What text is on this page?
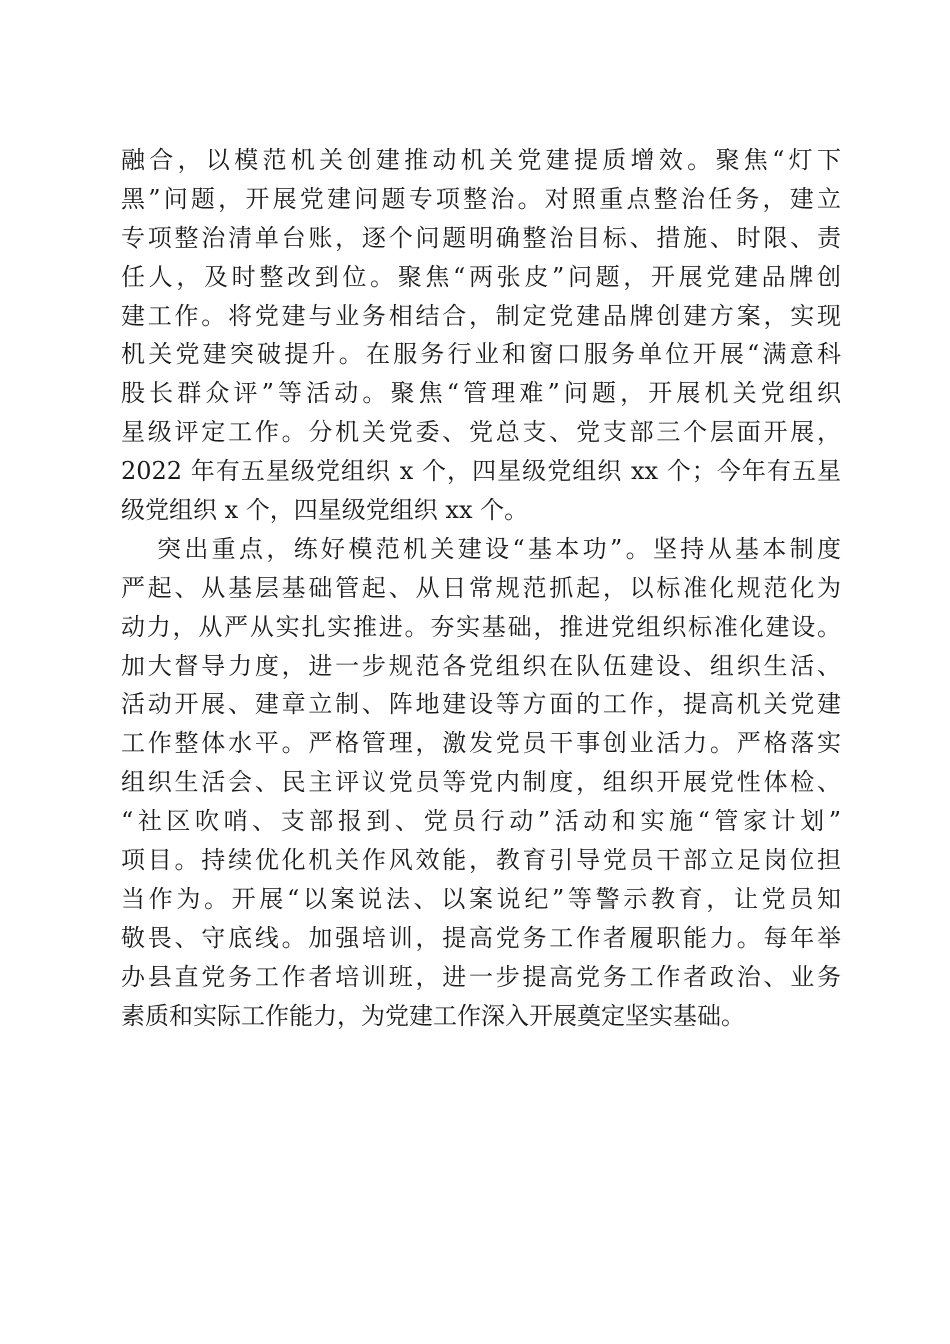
融合，以模范机关创建推动机关党建提质增效。聚焦“灯下
黑”问题，开展党建问题专项整治。对照重点整治任务，建立
专项整治清单台账，逐个问题明确整治目标、措施、时限、责
任人，及时整改到位。聚焦“两张皮”问题，开展党建品牌创
建工作。将党建与业务相结合，制定党建品牌创建方案，实现
机关党建突破提升。在服务行业和窗口服务单位开展“满意科
股长群众评”等活动。聚焦“管理难”问题，开展机关党组织
星级评定工作。分机关党委、党总支、党支部三个层面开展，
2022 年有五星级党组织 x 个，四星级党组织 xx 个；今年有五星
级党组织 x 个，四星级党组织 xx 个。
突出重点，练好模范机关建设“基本功”。坚持从基本制度
严起、从基层基础管起、从日常规范抓起，以标准化规范化为
动力，从严从实扎实推进。夯实基础，推进党组织标准化建设。
加大督导力度，进一步规范各党组织在队伍建设、组织生活、
活动开展、建章立制、阵地建设等方面的工作，提高机关党建
工作整体水平。严格管理，激发党员干事创业活力。严格落实
组织生活会、民主评议党员等党内制度，组织开展党性体检、
“社区吹哨、支部报到、党员行动”活动和实施“管家计划”
项目。持续优化机关作风效能，教育引导党员干部立足岗位担
当作为。开展“以案说法、以案说纪”等警示教育，让党员知
敬畏、守底线。加强培训，提高党务工作者履职能力。每年举
办县直党务工作者培训班，进一步提高党务工作者政治、业务
素质和实际工作能力，为党建工作深入开展奠定坚实基础。
